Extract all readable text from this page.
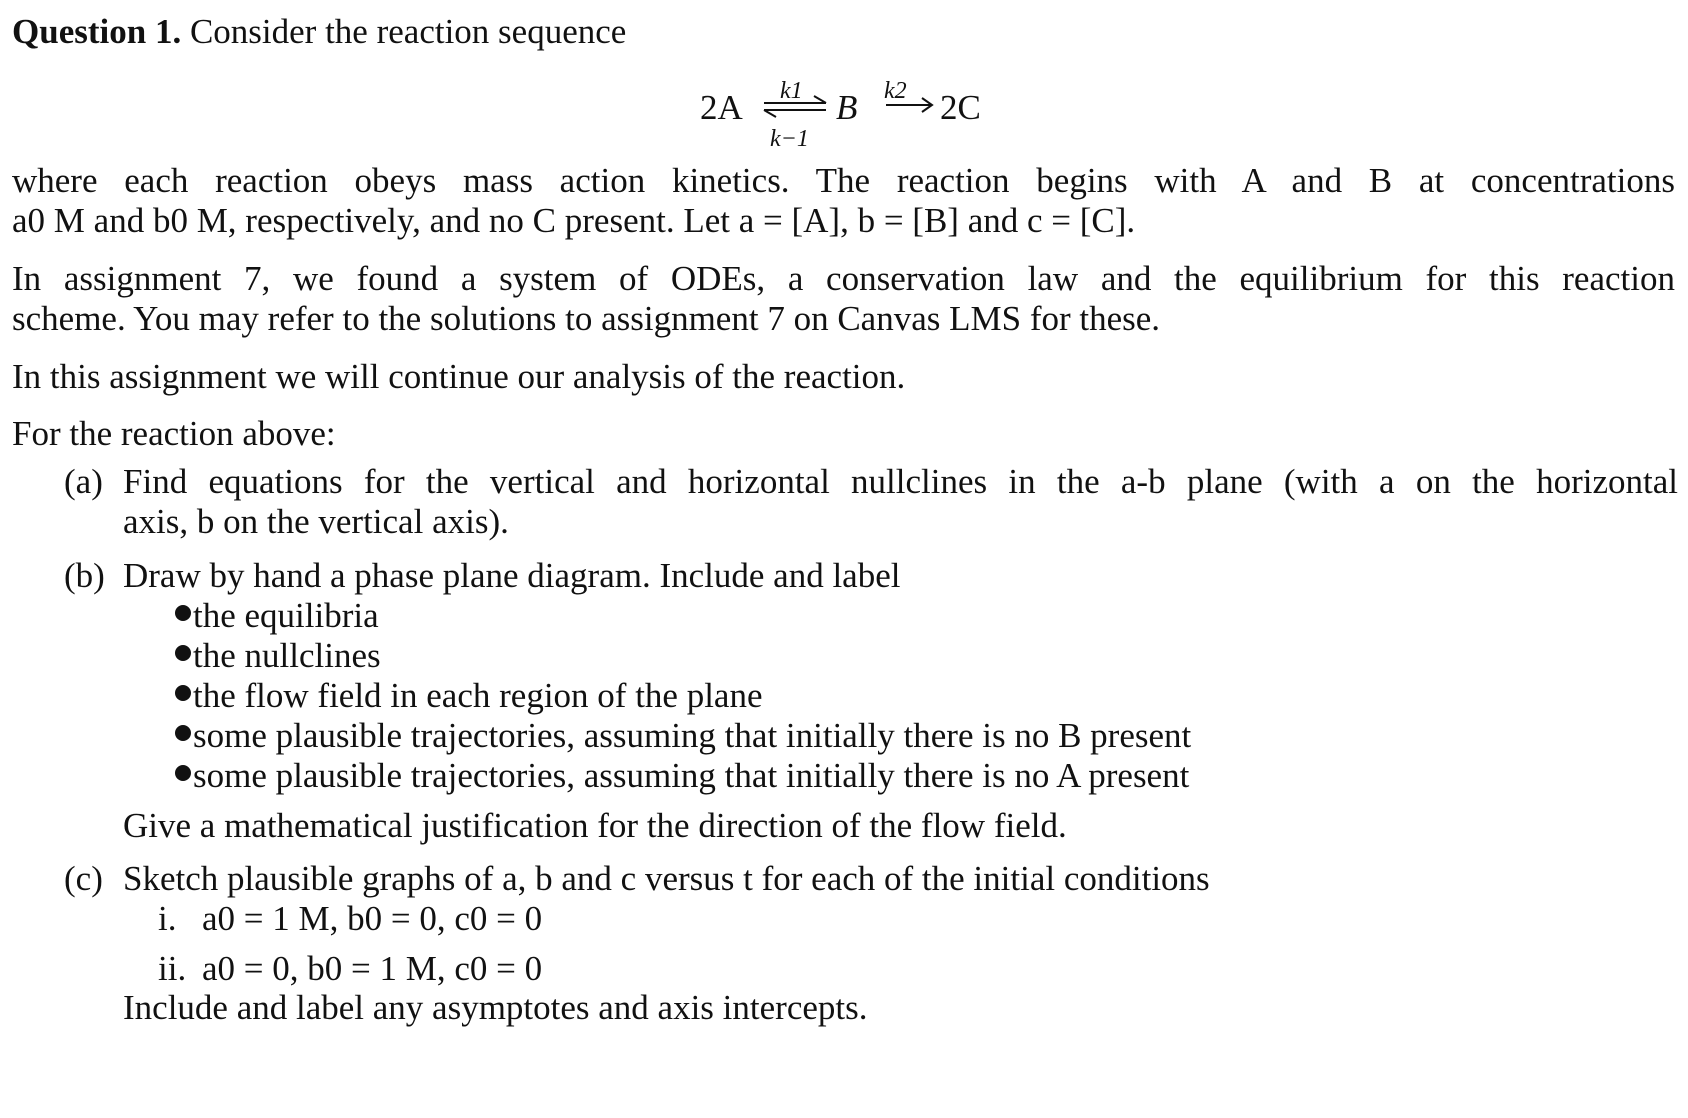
Question 1. Consider the reaction sequence
2A k1 B k2 2C
k−1
where each reaction obeys mass action kinetics. The reaction begins with A and B at concentrations
a0 M and b0 M, respectively, and no C present. Let a = [A], b = [B] and c = [C].
In assignment 7, we found a system of ODEs, a conservation law and the equilibrium for this reaction
scheme. You may refer to the solutions to assignment 7 on Canvas LMS for these.
In this assignment we will continue our analysis of the reaction.
For the reaction above:
(a) Find equations for the vertical and horizontal nullclines in the a-b plane (with a on the horizontal
axis, b on the vertical axis).
(b) Draw by hand a phase plane diagram. Include and label
the equilibria
the nullclines
the flow field in each region of the plane
some plausible trajectories, assuming that initially there is no B present
some plausible trajectories, assuming that initially there is no A present
Give a mathematical justification for the direction of the flow field.
(c) Sketch plausible graphs of a, b and c versus t for each of the initial conditions
i. a0 = 1 M, b0 = 0, c0 = 0
ii. a0 = 0, b0 = 1 M, c0 = 0
Include and label any asymptotes and axis intercepts.
